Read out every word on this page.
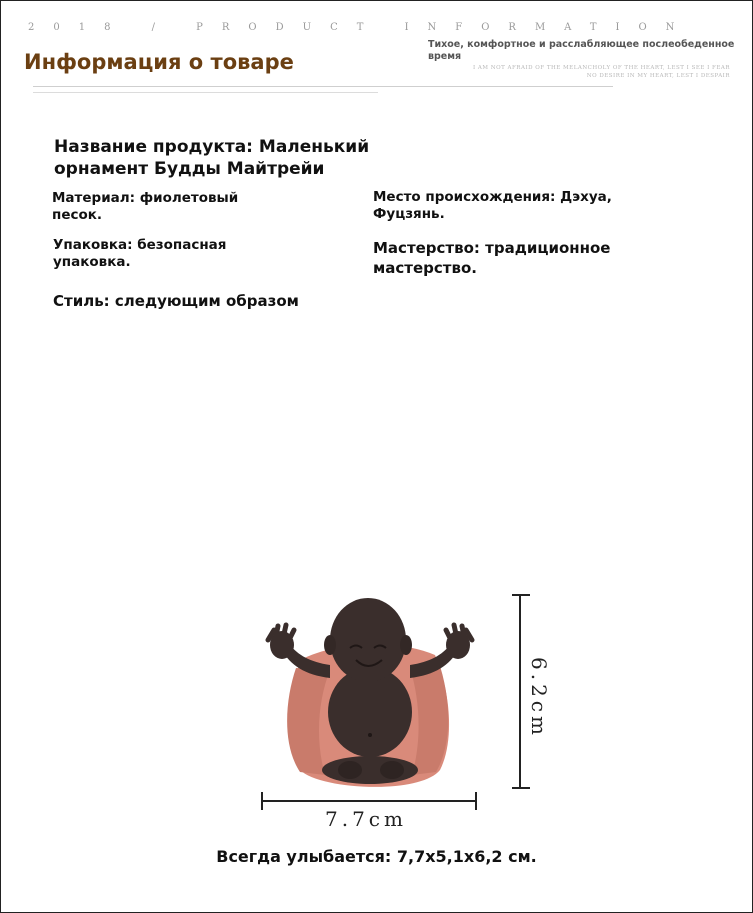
2018 / PRODUCT INFORMATION
Информация о товаре
Тихое, комфортное и расслабляющее послеобеденное время
I AM NOT AFRAID OF THE MELANCHOLY OF THE HEART, LEST I SEE I FEAR NO DESIRE IN MY HEART, LEST I DESPAIR
Название продукта: Маленький орнамент Будды Майтрейи
Материал: фиолетовый песок.
Место происхождения: Дэхуа, Фуцзянь.
Упаковка: безопасная упаковка.
Мастерство: традиционное мастерство.
Стиль: следующим образом
6.2cm
7.7cm
Всегда улыбается: 7,7x5,1x6,2 см.
